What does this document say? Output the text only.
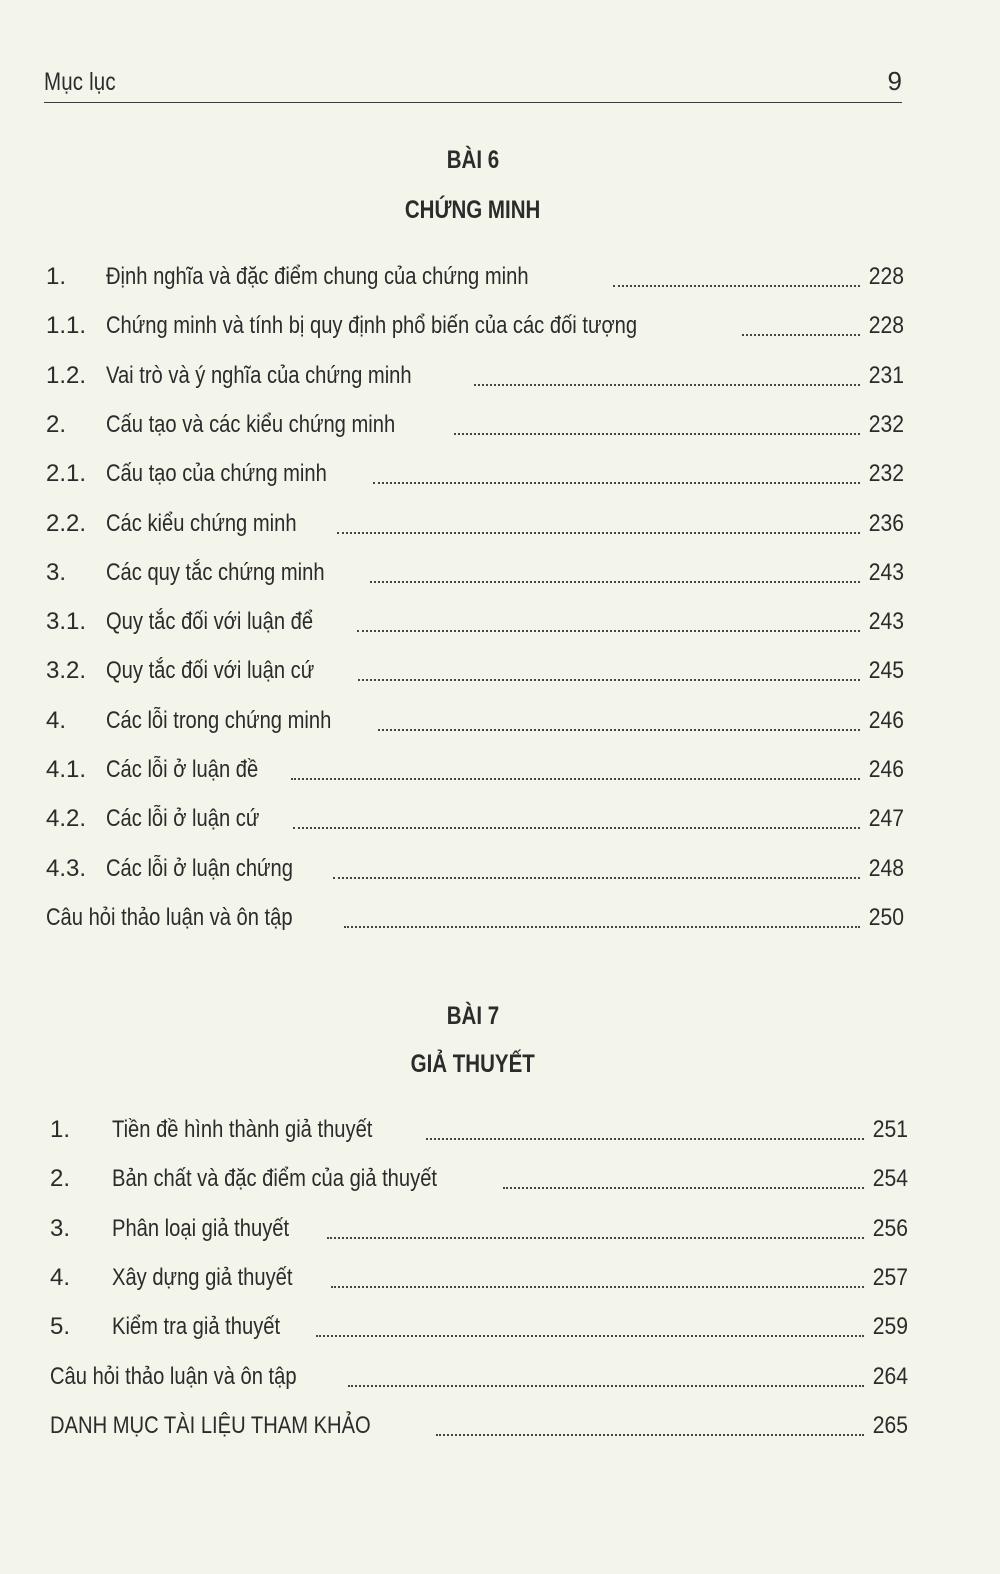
Mục lục	9
BÀI 6
CHỨNG MINH
1.	Định nghĩa và đặc điểm chung của chứng minh	228
1.1. Chứng minh và tính bị quy định phổ biến của các đối tượng	228
1.2. Vai trò và ý nghĩa của chứng minh	231
2.	Cấu tạo và các kiểu chứng minh	232
2.1. Cấu tạo của chứng minh	232
2.2. Các kiểu chứng minh	236
3.	Các quy tắc chứng minh	243
3.1. Quy tắc đối với luận để	243
3.2. Quy tắc đối với luận cứ	245
4.	Các lỗi trong chứng minh	246
4.1. Các lỗi ở luận đề	246
4.2. Các lỗi ở luận cứ	247
4.3. Các lỗi ở luận chứng	248
Câu hỏi thảo luận và ôn tập	250
BÀI 7
GIẢ THUYẾT
1.	Tiền đề hình thành giả thuyết	251
2.	Bản chất và đặc điểm của giả thuyết	254
3.	Phân loại giả thuyết	256
4.	Xây dựng giả thuyết	257
5.	Kiểm tra giả thuyết	259
Câu hỏi thảo luận và ôn tập	264
DANH MỤC TÀI LIỆU THAM KHẢO	265
